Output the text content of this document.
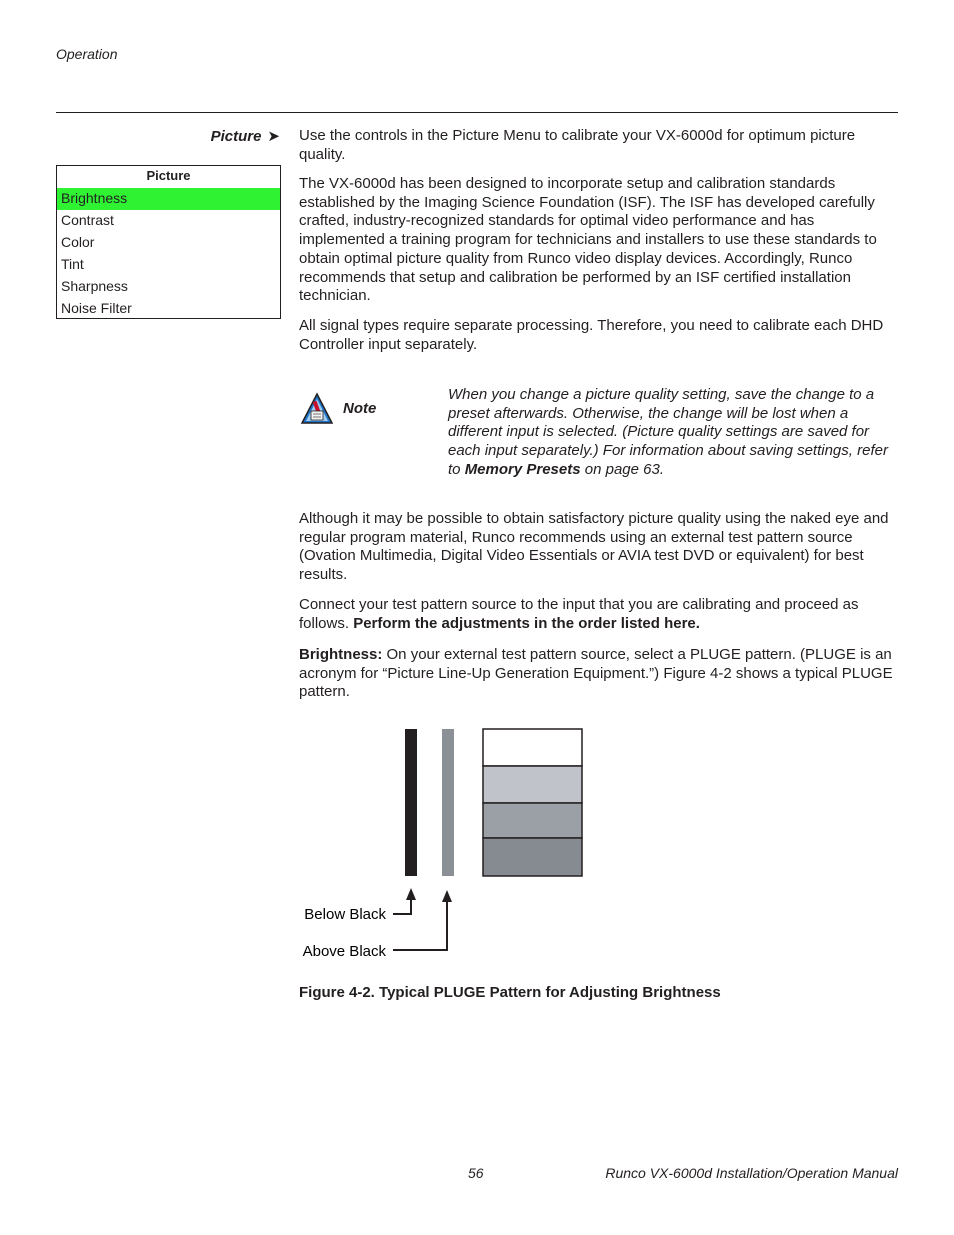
Operation
Picture ➤
Picture
Brightness
Contrast
Color
Tint
Sharpness
Noise Filter

Use the controls in the Picture Menu to calibrate your VX-6000d for optimum picture quality.

The VX-6000d has been designed to incorporate setup and calibration standards established by the Imaging Science Foundation (ISF). The ISF has developed carefully crafted, industry-recognized standards for optimal video performance and has implemented a training program for technicians and installers to use these standards to obtain optimal picture quality from Runco video display devices. Accordingly, Runco recommends that setup and calibration be performed by an ISF certified installation technician.

All signal types require separate processing. Therefore, you need to calibrate each DHD Controller input separately.

Note
When you change a picture quality setting, save the change to a preset afterwards. Otherwise, the change will be lost when a different input is selected. (Picture quality settings are saved for each input separately.) For information about saving settings, refer to Memory Presets on page 63.

Although it may be possible to obtain satisfactory picture quality using the naked eye and regular program material, Runco recommends using an external test pattern source (Ovation Multimedia, Digital Video Essentials or AVIA test DVD or equivalent) for best results.

Connect your test pattern source to the input that you are calibrating and proceed as follows. Perform the adjustments in the order listed here.

Brightness: On your external test pattern source, select a PLUGE pattern. (PLUGE is an acronym for “Picture Line-Up Generation Equipment.”) Figure 4-2 shows a typical PLUGE pattern.

Below Black
Above Black
Figure 4-2. Typical PLUGE Pattern for Adjusting Brightness
56	Runco VX-6000d Installation/Operation Manual
